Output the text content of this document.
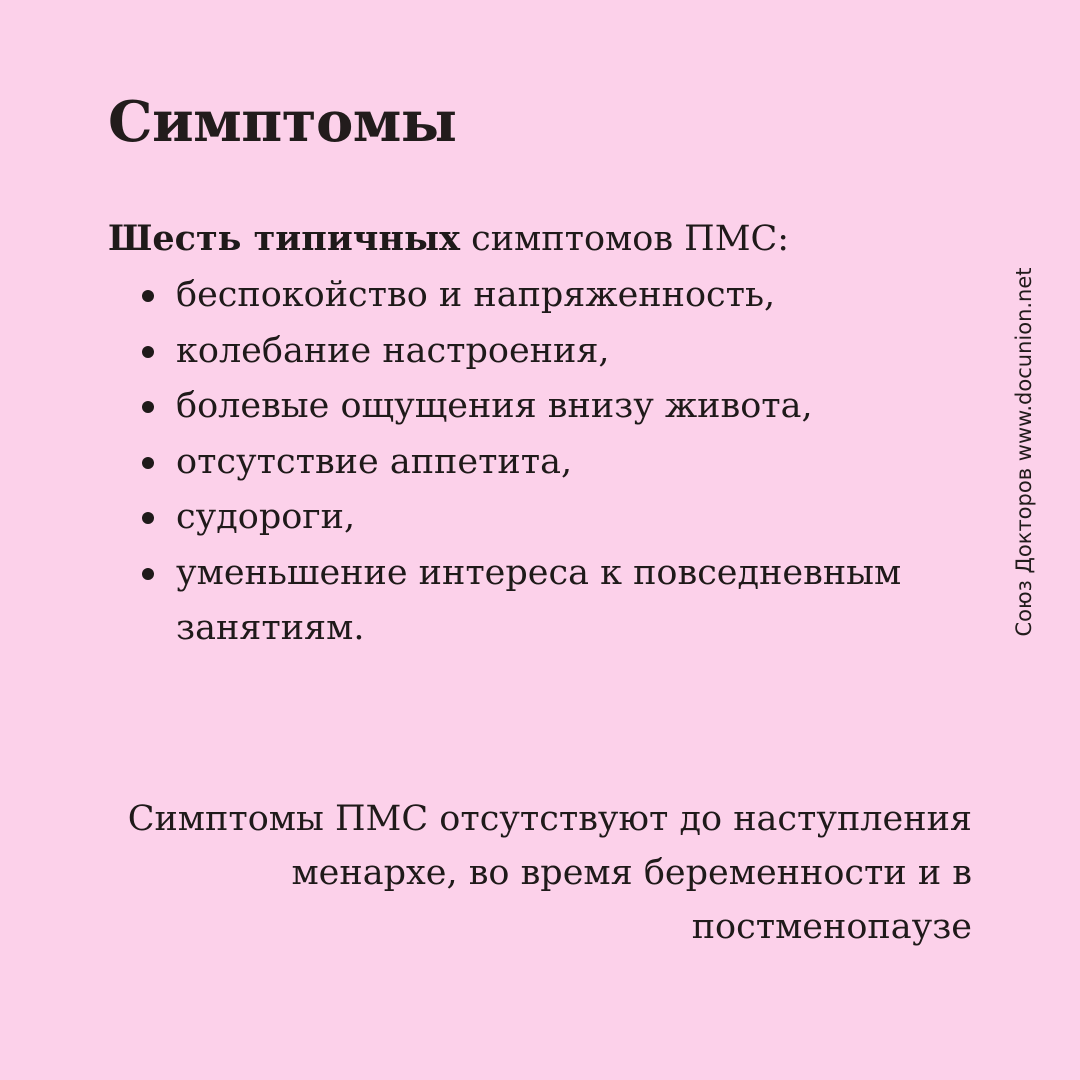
Симптомы

Шесть типичных симптомов ПМС:

беспокойство и напряженность,
колебание настроения,
болевые ощущения внизу живота,
отсутствие аппетита,
судороги,
уменьшение интереса к повседневным занятиям.

Симптомы ПМС отсутствуют до наступления менархе, во время беременности и в постменопаузе

Союз Докторов www.docunion.net
